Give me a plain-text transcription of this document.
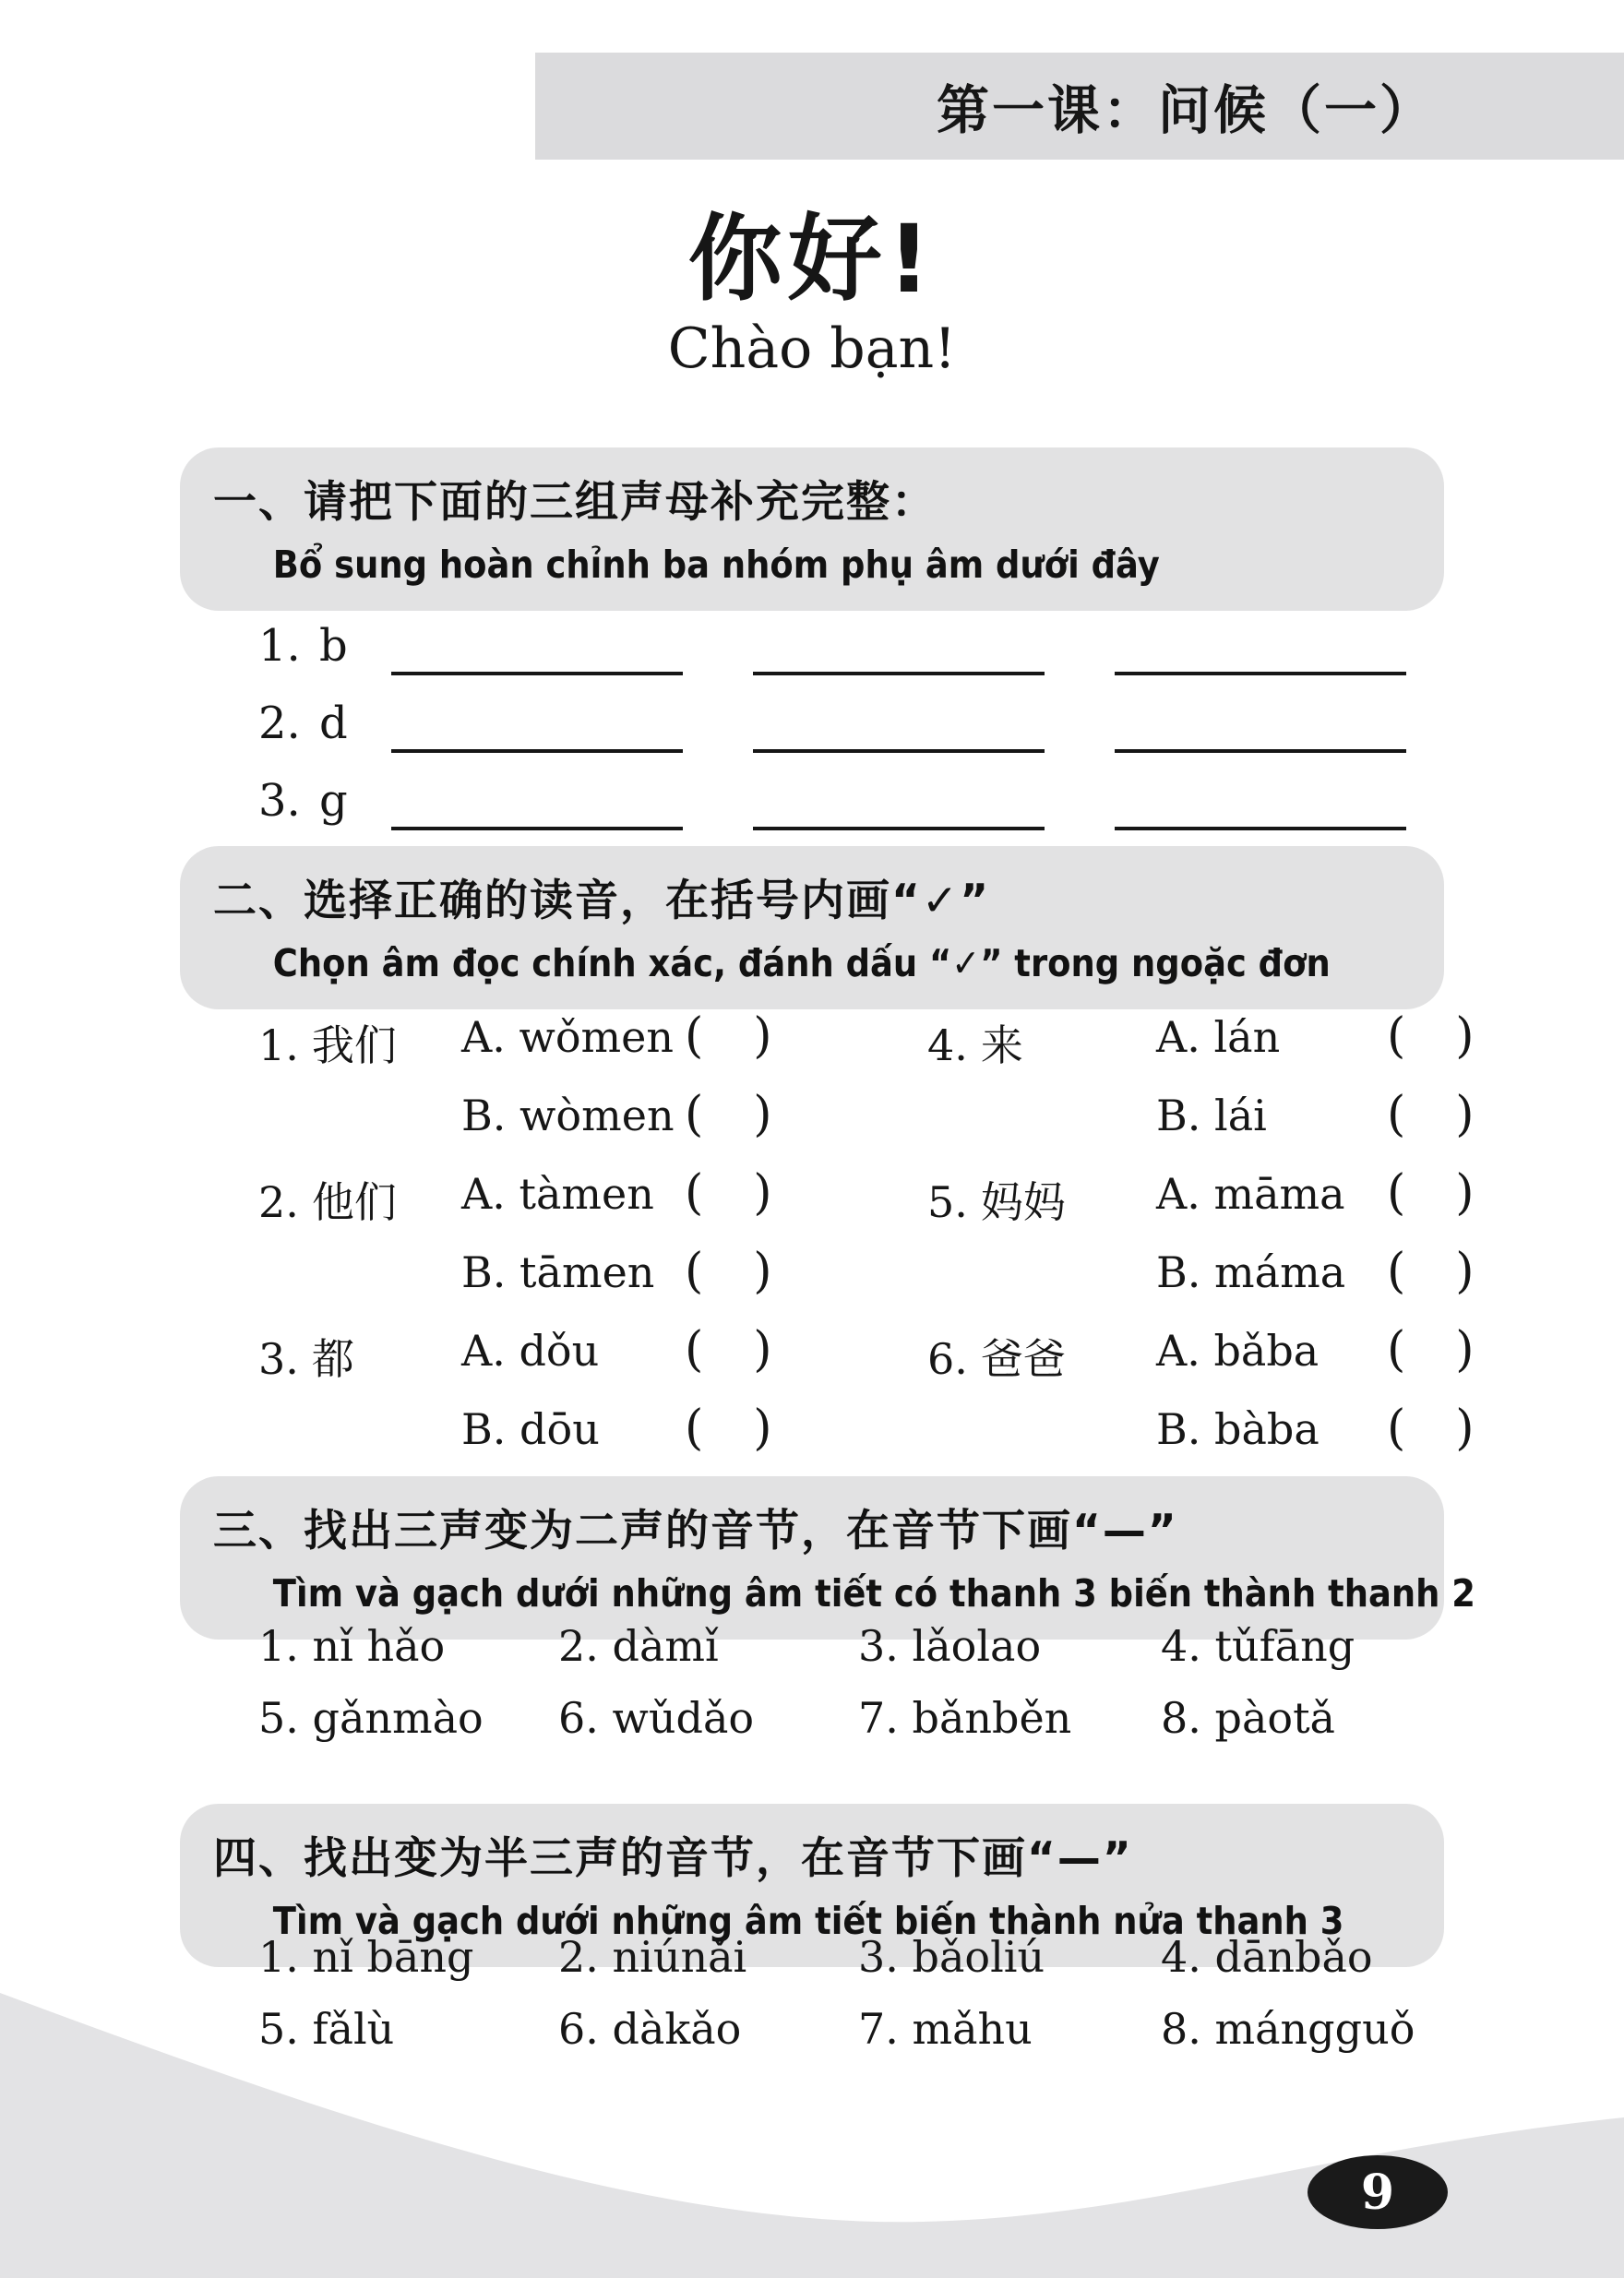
第一课：问候（一）
你好!
Chào bạn!
一、请把下面的三组声母补充完整：
Bổ sung hoàn chỉnh ba nhóm phụ âm dưới đây
1. b
2. d
3. g
二、选择正确的读音，在括号内画“✓”
Chọn âm đọc chính xác, đánh dấu “✓” trong ngoặc đơn
1. 我们 A. wǒmen ( )
B. wòmen ( )
2. 他们 A. tàmen ( )
B. tāmen ( )
3. 都	A. dǒu ( )
B. dōu ( )
4. 来	A. lán ( )
B. lái	( )
5. 妈妈 A. māma ( )
B. máma ( )
6. 爸爸 A. bǎba ( )
B. bàba ( )
三、找出三声变为二声的音节，在音节下画“—”
Tìm và gạch dưới những âm tiết có thanh 3 biến thành thanh 2
1. nǐ hǎo	2. dàmǐ	3. lǎolao	4. tǔfāng
5. gǎnmào 6. wǔdǎo 7. bǎnběn 8. pàotǎ
四、找出变为半三声的音节，在音节下画“—”
Tìm và gạch dưới những âm tiết biến thành nửa thanh 3
1. nǐ bāng 2. niúnǎi	3. bǎoliú	4. dānbǎo
5. fǎlù	6. dàkǎo	7. mǎhu	8. mángguǒ
9
